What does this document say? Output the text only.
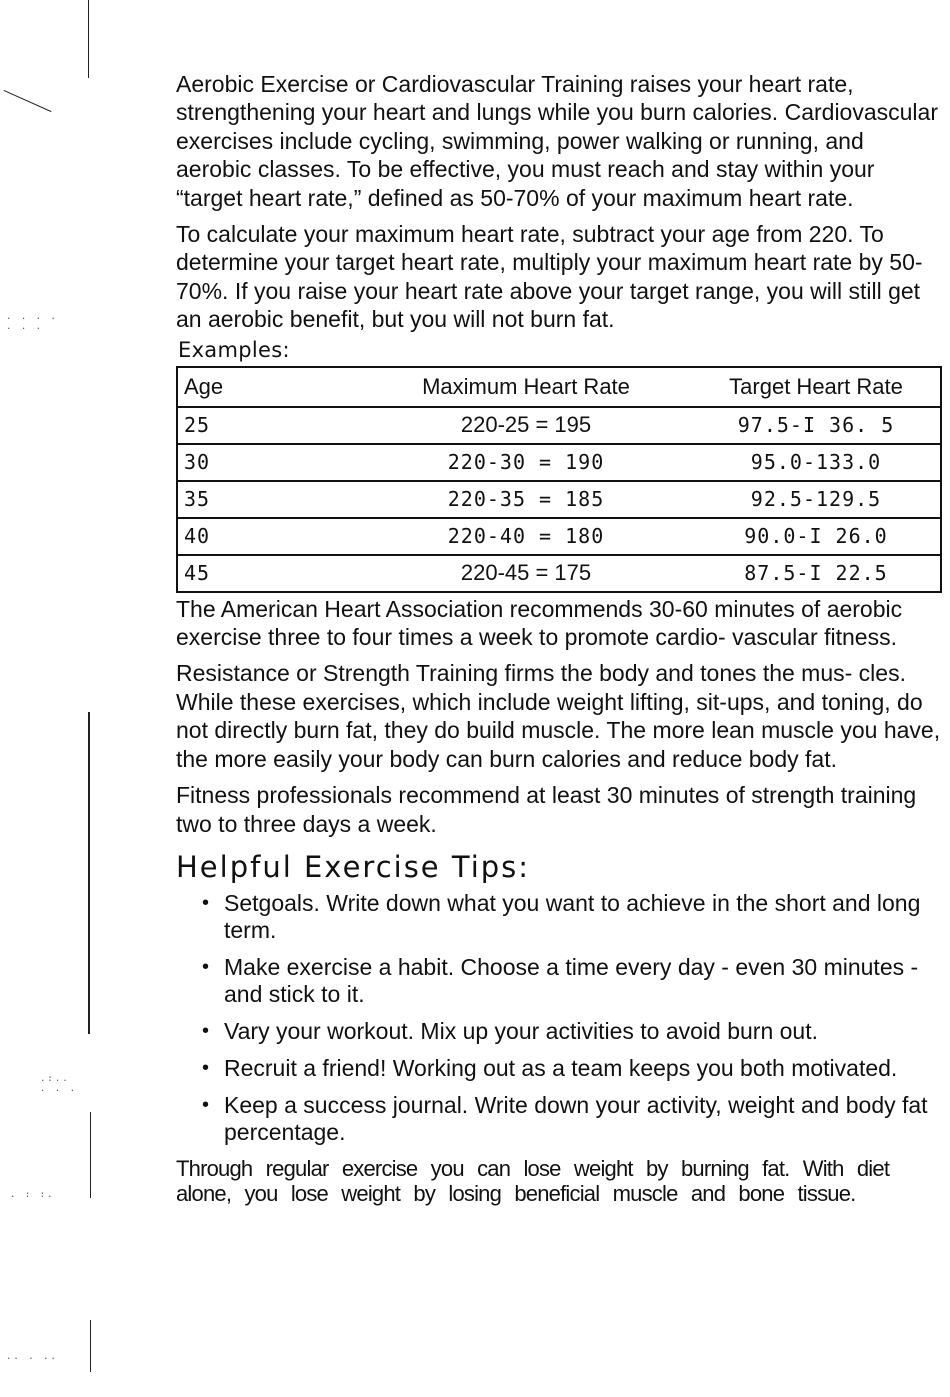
. . . .
. . .
.:..
. . .
. : :.
.. . ..

Aerobic Exercise or Cardiovascular Training raises your heart rate, strengthening your heart and lungs while you burn calories. Cardiovascular exercises include cycling, swimming, power walking or running, and aerobic classes. To be effective, you must reach and stay within your “target heart rate,” defined as 50-70% of your maximum heart rate.

To calculate your maximum heart rate, subtract your age from 220. To determine your target heart rate, multiply your maximum heart rate by 50-70%. If you raise your heart rate above your target range, you will still get an aerobic benefit, but you will not burn fat.

Examples:
Age	Maximum Heart Rate	Target Heart Rate
25	220-25 = 195	97.5-I 36. 5
30	220-30 = 190	95.0-133.0
35	220-35 = 185	92.5-129.5
40	220-40 = 180	90.0-I 26.0
45	220-45 = 175	87.5-I 22.5

The American Heart Association recommends 30-60 minutes of aerobic exercise three to four times a week to promote cardio- vascular fitness.

Resistance or Strength Training firms the body and tones the mus- cles. While these exercises, which include weight lifting, sit-ups, and toning, do not directly burn fat, they do build muscle. The more lean muscle you have, the more easily your body can burn calories and reduce body fat.

Fitness professionals recommend at least 30 minutes of strength training two to three days a week.

Helpful Exercise Tips:
• Setgoals. Write down what you want to achieve in the short and long term.
• Make exercise a habit. Choose a time every day - even 30 minutes - and stick to it.
• Vary your workout. Mix up your activities to avoid burn out.
• Recruit a friend! Working out as a team keeps you both motivated.
• Keep a success journal. Write down your activity, weight and body fat percentage.

Through regular exercise you can lose weight by burning fat. With diet alone, you lose weight by losing beneficial muscle and bone tissue.
